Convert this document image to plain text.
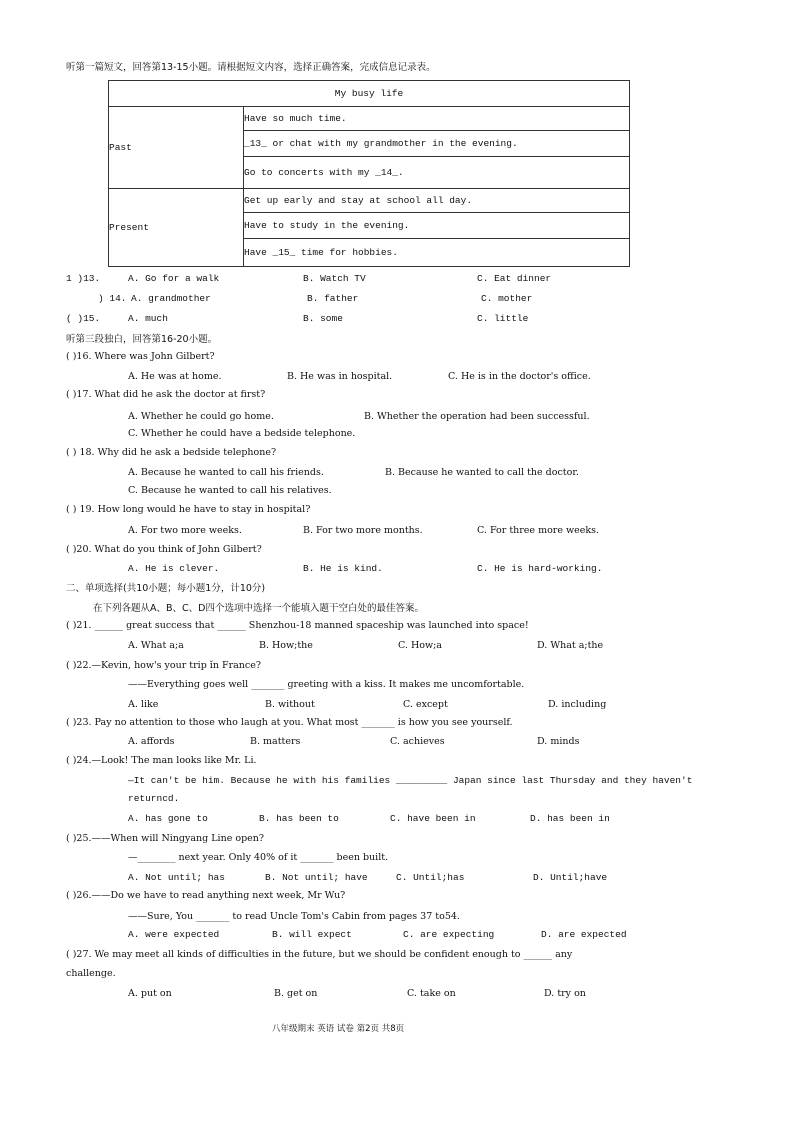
听第一篇短文，回答第13-15小题。请根据短文内容，选择正确答案，完成信息记录表。
My busy life	
Past	Have so much time.
	_13_ or chat with my grandmother in the evening.
	Go to concerts with my _14_.
Present	Get up early and stay at school all day.
	Have to study in the evening.
	Have _15_ time for hobbies.
1 )13.	A. Go for a walk	B. Watch TV	C. Eat dinner
) 14. A. grandmother	B. father	C. mother
( )15.	A. much	B. some	C. little
听第三段独白，回答第16-20小题。
( )16. Where was John Gilbert?
A. He was at home.	B. He was in hospital.	C. He is in the doctor's office.
( )17. What did he ask the doctor at first?
A. Whether he could go home.	B. Whether the operation had been successful.
C. Whether he could have a bedside telephone.
( ) 18. Why did he ask a bedside telephone?
A. Because he wanted to call his friends.	B. Because he wanted to call the doctor.
C. Because he wanted to call his relatives.
( ) 19. How long would he have to stay in hospital?
A. For two more weeks.	B. For two more months.	C. For three more weeks.
( )20. What do you think of John Gilbert?
A. He is clever.	B. He is kind.	C. He is hard-working.
二、单项选择(共10小题；每小题1分，计10分)
在下列各题从A、B、C、D四个选项中选择一个能填入题干空白处的最佳答案。
( )21. ______ great success that ______ Shenzhou-18 manned spaceship was launched into space!
A. What a;a	B. How;the	C. How;a	D. What a;the
( )22.—Kevin, how's your trip ǐn France?
——Everything goes well _______ greeting with a kiss. It makes me uncomfortable.
A. like	B. without	C. except	D. including
( )23. Pay no attention to those who laugh at you. What most _______ is how you see yourself.
A. affords	B. matters	C. achieves	D. minds
( )24.—Look! The man looks like Mr. Li.
—It can't be him. Because he with his families _________ Japan since last Thursday and they haven't
returncd.
A. has gone to	B. has been to	C. have been in	D. has been in
( )25.——When will Ningyang Line open?
—________ next year. Only 40% of it _______ been built.
A. Not until; has	B. Not until; have	C. Until;has	D. Until;have
( )26.——Do we have to read anything next week, Mr Wu?
——Sure, You _______ to read Uncle Tom's Cabin from pages 37 to54.
A. were expected	B. will expect	C. are expecting	D. are expected
( )27. We may meet all kinds of difficulties in the future, but we should be confident enough to ______ any
challenge.
A. put on	B. get on	C. take on	D. try on
八年级期末 英语 试卷 第2页 共8页
